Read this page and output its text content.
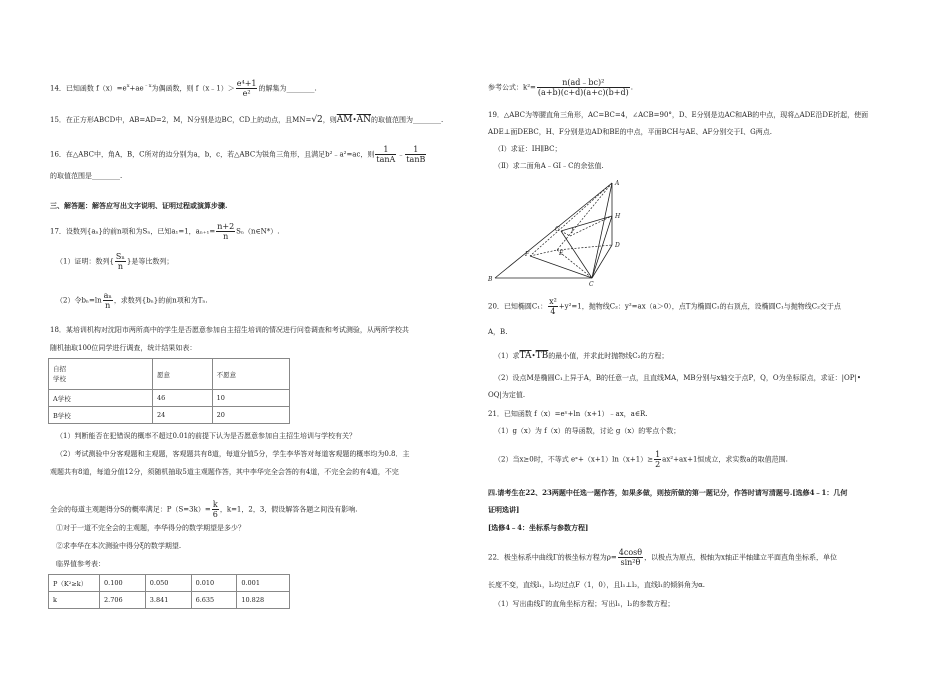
14．已知函数 $f(x)=e^x+ae^{﹣x}$为偶函数，则 f（x﹣1）＞ $\frac{\text{e⁴+1}}{\text{e²}}$ 的解集为________.
15．在正方形ABCD中，AB=AD=2，M，N分别是边BC，CD上的动点，且MN=√2，则$\overline{AM}•\overline{AN}$的取值范围为________.
16．在△ABC中，角A，B，C所对的边分别为a，b，c，若△ABC为锐角三角形，且满足b²﹣a²=ac，则 $\frac{1}{\tan A}$ ﹣ $\frac{1}{\tan B}$
的取值范围是________.
三、解答题：解答应写出文字说明、证明过程或演算步骤.
17．设数列{aₙ}的前n项和为Sₙ，已知a₁=1，$a_{n+1}= \frac{n+2}{n}$ Sₙ（n∈N*）.
（1）证明：数列{ $\frac{\text{Sₙ}}{n}$ }是等比数列；
（2）令$b_n=\ln \frac{\text{aₙ}}{n}$ ，求数列{bₙ}的前n项和为Tₙ.
18．某培训机构对沈阳市两所高中的学生是否愿意参加自主招生培训的情况进行问卷调查和考试测验，从两所学校共
随机抽取100位同学进行调查，统计结果如表：
自招
学校	愿意	不愿意
A学校	46	10
B学校	24	20
（1）判断能否在犯错误的概率不超过0.01的前提下认为是否愿意参加自主招生培训与学校有关？
（2）考试测验中分客观题和主观题，客观题共有8道，每道分值5分，学生李华答对每道客观题的概率均为0.8．主
观题共有8道，每道分值12分，须随机抽取5道主观题作答，其中李华完全会答的有4道，不完全会的有4道，不完
全会的每道主观题得分S的概率满足：$P(S=3k)= \frac{k}{6}$ ，k=1，2，3，假设解答各题之间没有影响.
①对于一道不完全会的主观题，李华得分的数学期望是多少？
②求李华在本次测验中得分ξ的数学期望.
临界值参考表：
P（K²≥k）	0.100	0.050	0.010	0.001
k	2.706	3.841	6.635	10.828
参考公式：$k^2= \frac{\text{n(ad﹣bc)²}}{(a+b)(c+d)(a+c)(b+d)}$ .
19．△ABC为等腰直角三角形，AC=BC=4，∠ACB=90°，D、E分别是边AC和AB的中点，现将△ADE沿DE折起，使面
ADE⊥面DEBC，H、F分别是边AD和BE的中点，平面BCH与AE、AF分别交于I、G两点.
（Ⅰ）求证：IH∥BC；
（Ⅱ）求二面角A﹣GI﹣C的余弦值.
A
H
G I
D
F	E
B
C
20．已知椭圆C₁： $\frac{\text{x²}}{4} +y^2=1$，抛物线C₂：y²=ax（a＞0），点T为椭圆C₁的右顶点，设椭圆C₁与抛物线C₂交于点
A，B.
（1）求$\overline{TA}•\overline{TB}$的最小值，并求此时抛物线C₂的方程；
（2）设点M是椭圆C₁上异于A，B的任意一点，且直线MA，MB分别与x轴交于点P，Q，O为坐标原点，求证：|OP|•
OQ|为定值.
21．已知函数 f（x）=eˣ+ln（x+1）﹣ax，a∈R.
（1）g（x）为 f（x）的导函数，讨论 g（x）的零点个数；
（2）当x≥0时，不等式 eˣ+（x+1）ln（x+1）≥ $\frac{1}{2} ax^2+ax+1$恒成立，求实数a的取值范围.
四.请考生在22、23两题中任选一题作答，如果多做，则按所做的第一题记分，作答时请写清题号.[选修4﹣1：几何
证明选讲]
[选修4﹣4：坐标系与参数方程]
22．极坐标系中曲线Γ的极坐标方程为$\rho= \frac{4\cos\theta}{\text{sin²θ}}$ ，以极点为原点，极轴为x轴正半轴建立平面直角坐标系，单位
长度不变，直线l₁，l₂均过点F（1，0），且l₁⊥l₂，直线l₁的倾斜角为α.
（1）写出曲线Γ的直角坐标方程；写出l₁，l₂的参数方程；
